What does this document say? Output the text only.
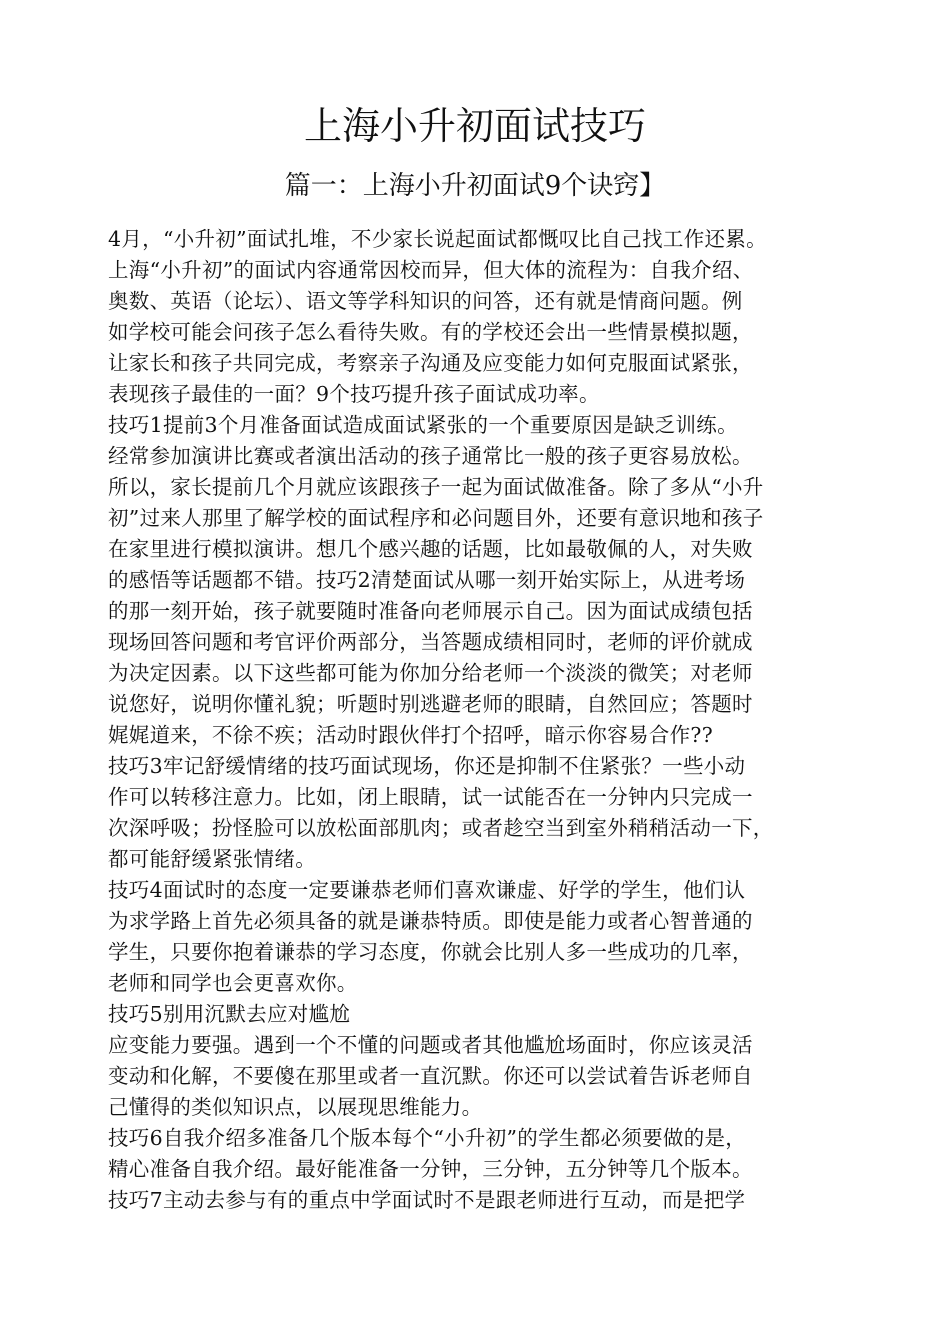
上海小升初面试技巧
篇一：上海小升初面试9个诀窍】
4月，“小升初”面试扎堆，不少家长说起面试都慨叹比自己找工作还累。
上海“小升初”的面试内容通常因校而异，但大体的流程为：自我介绍、
奥数、英语（论坛）、语文等学科知识的问答，还有就是情商问题。例
如学校可能会问孩子怎么看待失败。有的学校还会出一些情景模拟题，
让家长和孩子共同完成，考察亲子沟通及应变能力如何克服面试紧张，
表现孩子最佳的一面？9个技巧提升孩子面试成功率。
技巧1提前3个月准备面试造成面试紧张的一个重要原因是缺乏训练。
经常参加演讲比赛或者演出活动的孩子通常比一般的孩子更容易放松。
所以，家长提前几个月就应该跟孩子一起为面试做准备。除了多从“小升
初”过来人那里了解学校的面试程序和必问题目外，还要有意识地和孩子
在家里进行模拟演讲。想几个感兴趣的话题，比如最敬佩的人，对失败
的感悟等话题都不错。技巧2清楚面试从哪一刻开始实际上，从进考场
的那一刻开始，孩子就要随时准备向老师展示自己。因为面试成绩包括
现场回答问题和考官评价两部分，当答题成绩相同时，老师的评价就成
为决定因素。以下这些都可能为你加分给老师一个淡淡的微笑；对老师
说您好，说明你懂礼貌；听题时别逃避老师的眼睛，自然回应；答题时
娓娓道来，不徐不疾；活动时跟伙伴打个招呼，暗示你容易合作??
技巧3牢记舒缓情绪的技巧面试现场，你还是抑制不住紧张？一些小动
作可以转移注意力。比如，闭上眼睛，试一试能否在一分钟内只完成一
次深呼吸；扮怪脸可以放松面部肌肉；或者趁空当到室外稍稍活动一下，
都可能舒缓紧张情绪。
技巧4面试时的态度一定要谦恭老师们喜欢谦虚、好学的学生，他们认
为求学路上首先必须具备的就是谦恭特质。即使是能力或者心智普通的
学生，只要你抱着谦恭的学习态度，你就会比别人多一些成功的几率，
老师和同学也会更喜欢你。
技巧5别用沉默去应对尴尬
应变能力要强。遇到一个不懂的问题或者其他尴尬场面时，你应该灵活
变动和化解，不要傻在那里或者一直沉默。你还可以尝试着告诉老师自
己懂得的类似知识点，以展现思维能力。
技巧6自我介绍多准备几个版本每个“小升初”的学生都必须要做的是，
精心准备自我介绍。最好能准备一分钟，三分钟，五分钟等几个版本。
技巧7主动去参与有的重点中学面试时不是跟老师进行互动，而是把学
